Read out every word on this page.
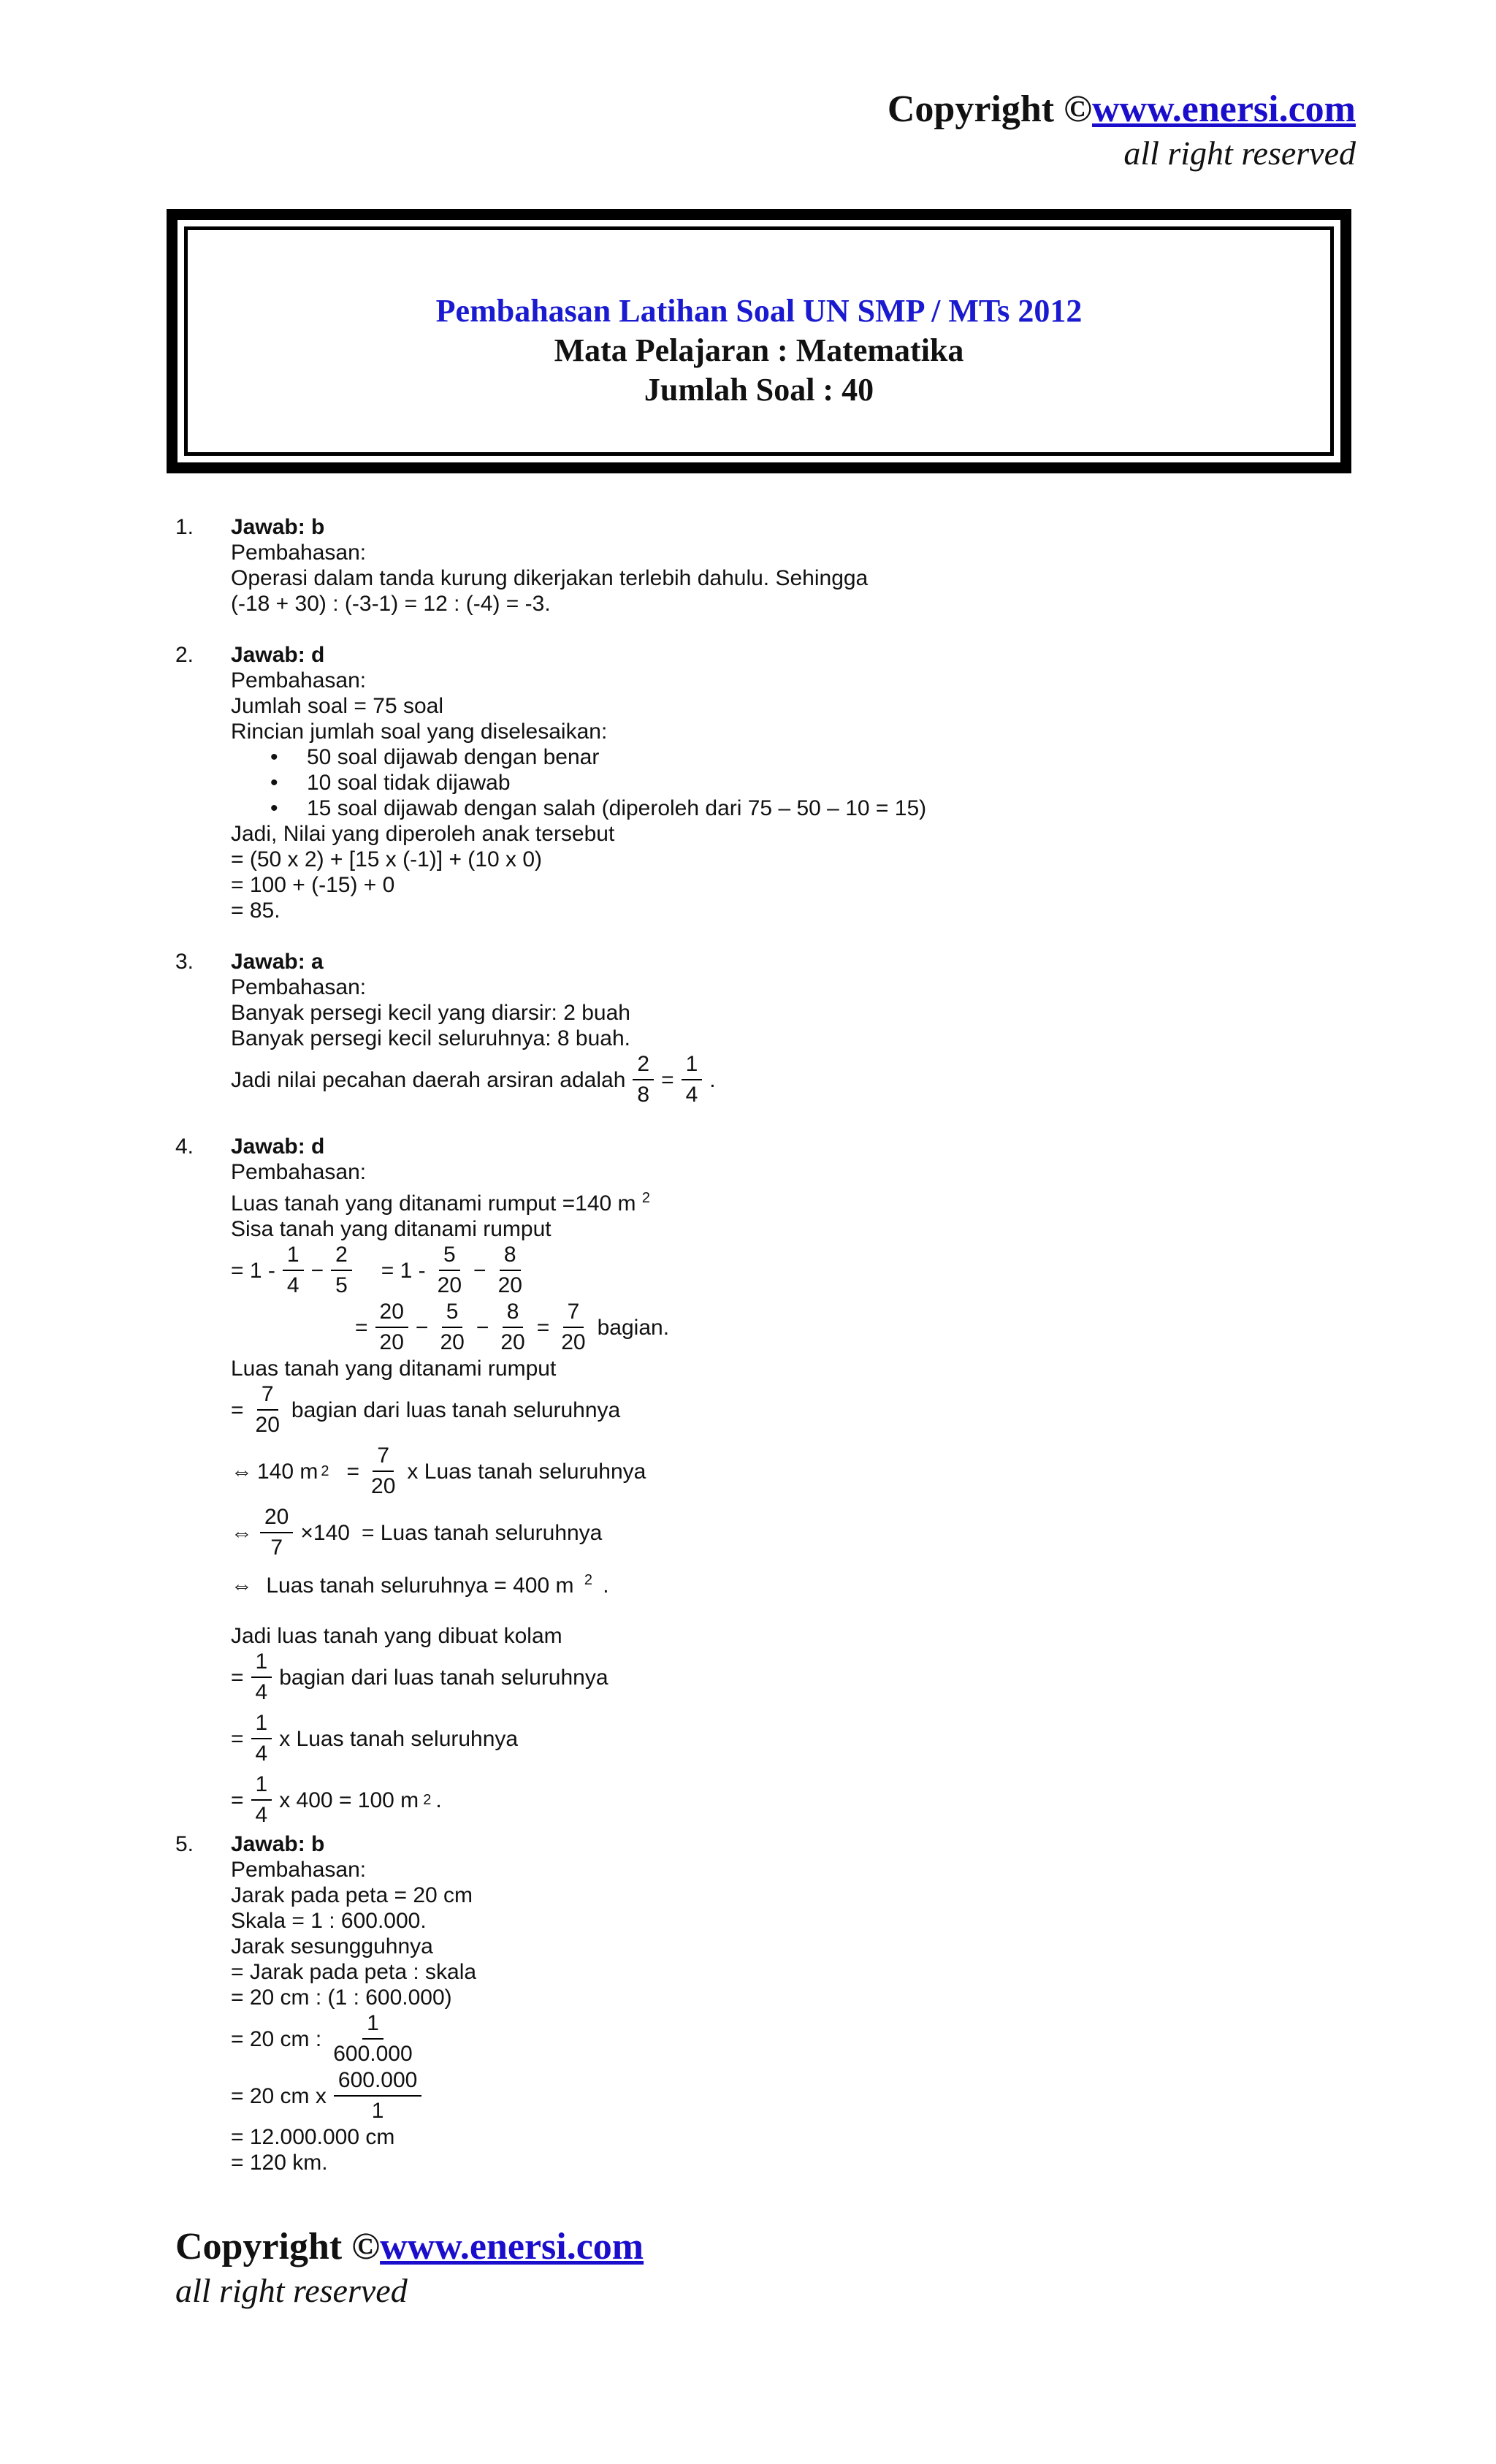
Copyright ©www.enersi.com
all right reserved
Pembahasan Latihan Soal UN SMP / MTs 2012
Mata Pelajaran : Matematika
Jumlah Soal : 40
1. Jawab: b
Pembahasan:
Operasi dalam tanda kurung dikerjakan terlebih dahulu. Sehingga
(-18 + 30) : (-3-1) = 12 : (-4) = -3.
2. Jawab: d
Pembahasan:
Jumlah soal = 75 soal
Rincian jumlah soal yang diselesaikan:
• 50 soal dijawab dengan benar
• 10 soal tidak dijawab
• 15 soal dijawab dengan salah (diperoleh dari 75 – 50 – 10 = 15)
Jadi, Nilai yang diperoleh anak tersebut
= (50 x 2) + [15 x (-1)] + (10 x 0)
= 100 + (-15) + 0
= 85.
3. Jawab: a
Pembahasan:
Banyak persegi kecil yang diarsir: 2 buah
Banyak persegi kecil seluruhnya: 8 buah.
Jadi nilai pecahan daerah arsiran adalah $\frac{2}{8} = \frac{1}{4}$ .
4. Jawab: d
Pembahasan:
Luas tanah yang ditanami rumput =140 m $^2$
Sisa tanah yang ditanami rumput
= $1 - \frac{1}{4} - \frac{2}{5} = 1 - \frac{5}{20} - \frac{8}{20}$
= $\frac{20}{20} - \frac{5}{20} - \frac{8}{20} = \frac{7}{20}$ bagian.
Luas tanah yang ditanami rumput
= $\frac{7}{20}$ bagian dari luas tanah seluruhnya
⇔ 140 m $2 = \frac{7}{20}$ x Luas tanah seluruhnya
⇔ $\frac{20}{7} \times 140$ = Luas tanah seluruhnya
⇔ Luas tanah seluruhnya = 400 m $^2$ .
Jadi luas tanah yang dibuat kolam
= $\frac{1}{4}$ bagian dari luas tanah seluruhnya
= $\frac{1}{4}$ x Luas tanah seluruhnya
= $\frac{1}{4}$ x 400 = 100 m 2 .
5. Jawab: b
Pembahasan:
Jarak pada peta = 20 cm
Skala = 1 : 600.000.
Jarak sesungguhnya
= Jarak pada peta : skala
= 20 cm : (1 : 600.000)
= 20 cm : $\frac{1}{600.000}$
= 20 cm x $\frac{600.000}{1}$
= 12.000.000 cm
= 120 km.
Copyright ©www.enersi.com
all right reserved
